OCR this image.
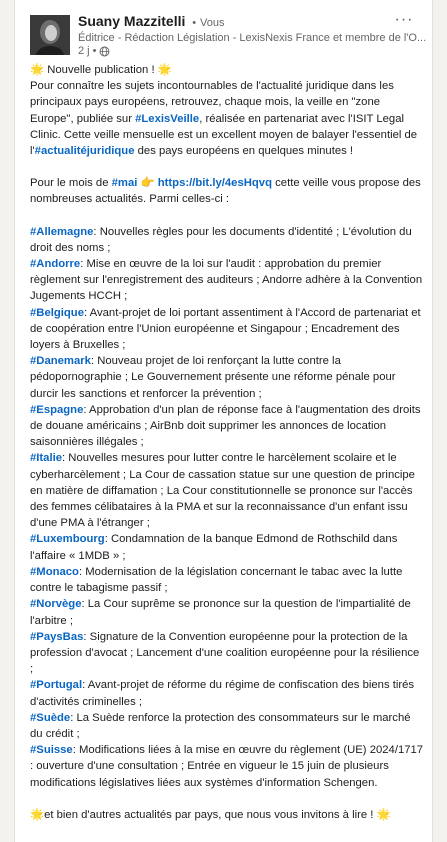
Suany Mazzitelli • Vous
Éditrice - Rédaction Législation - LexisNexis France et membre de l'O...
2 j •
···

🌟 Nouvelle publication ! 🌟

Pour connaître les sujets incontournables de l'actualité juridique dans les principaux pays européens, retrouvez, chaque mois, la veille en "zone Europe", publiée sur #LexisVeille, réalisée en partenariat avec l'ISIT Legal Clinic. Cette veille mensuelle est un excellent moyen de balayer l'essentiel de l'#actualitéjuridique des pays européens en quelques minutes !

Pour le mois de #mai 👉 https://bit.ly/4esHqvq cette veille vous propose des nombreuses actualités. Parmi celles-ci :

#Allemagne: Nouvelles règles pour les documents d'identité ; L'évolution du droit des noms ;

#Andorre: Mise en œuvre de la loi sur l'audit : approbation du premier règlement sur l'enregistrement des auditeurs ; Andorre adhère à la Convention Jugements HCCH ;

#Belgique: Avant-projet de loi portant assentiment à l'Accord de partenariat et de coopération entre l'Union européenne et Singapour ; Encadrement des loyers à Bruxelles ;

#Danemark: Nouveau projet de loi renforçant la lutte contre la pédopornographie ; Le Gouvernement présente une réforme pénale pour durcir les sanctions et renforcer la prévention ;

#Espagne: Approbation d'un plan de réponse face à l'augmentation des droits de douane américains ; AirBnb doit supprimer les annonces de location saisonnières illégales ;

#Italie: Nouvelles mesures pour lutter contre le harcèlement scolaire et le cyberharcèlement ; La Cour de cassation statue sur une question de principe en matière de diffamation ; La Cour constitutionnelle se prononce sur l'accès des femmes célibataires à la PMA et sur la reconnaissance d'un enfant issu d'une PMA à l'étranger ;

#Luxembourg: Condamnation de la banque Edmond de Rothschild dans l'affaire « 1MDB » ;

#Monaco: Modernisation de la législation concernant le tabac avec la lutte contre le tabagisme passif ;

#Norvège: La Cour suprême se prononce sur la question de l'impartialité de l'arbitre ;

#PaysBas: Signature de la Convention européenne pour la protection de la profession d'avocat ; Lancement d'une coalition européenne pour la résilience ;

#Portugal: Avant-projet de réforme du régime de confiscation des biens tirés d'activités criminelles ;

#Suède: La Suède renforce la protection des consommateurs sur le marché du crédit ;

#Suisse: Modifications liées à la mise en œuvre du règlement (UE) 2024/1717 : ouverture d'une consultation ; Entrée en vigueur le 15 juin de plusieurs modifications législatives liées aux systèmes d'information Schengen.

🌟et bien d'autres actualités par pays, que nous vous invitons à lire ! 🌟
